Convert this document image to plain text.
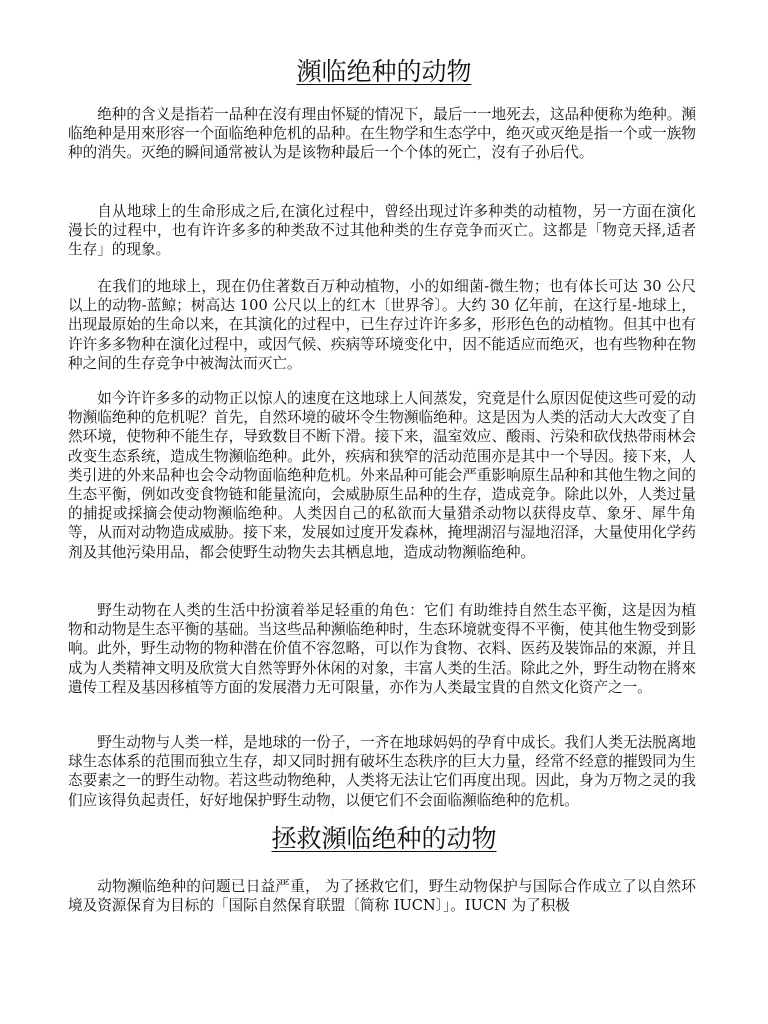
瀕临绝种的动物

绝种的含义是指若一品种在沒有理由怀疑的情况下，最后一一地死去，这品种便称为绝种。瀕临绝种是用來形容一个面临绝种危机的品种。在生物学和生态学中，绝灭或灭绝是指一个或一族物种的消失。灭绝的瞬间通常被认为是该物种最后一个个体的死亡，沒有子孙后代。

自从地球上的生命形成之后,在演化过程中，曾经出现过许多种类的动植物，另一方面在演化漫长的过程中，也有许许多多的种类敌不过其他种类的生存竞争而灭亡。这都是「物竞天择,适者生存」的现象。

在我们的地球上，现在仍住著数百万种动植物，小的如细菌-微生物；也有体长可达 30 公尺以上的动物-蓝鲸；树高达 100 公尺以上的红木〔世界爷〕。大约 30 亿年前，在这行星-地球上，出现最原始的生命以来，在其演化的过程中，已生存过许许多多，形形色色的动植物。但其中也有许许多多物种在演化过程中，或因气候、疾病等环境变化中，因不能适应而绝灭，也有些物种在物种之间的生存竞争中被淘汰而灭亡。

如今许许多多的动物正以惊人的速度在这地球上人间蒸发，究竟是什么原因促使这些可爱的动物瀕临绝种的危机呢？首先，自然环境的破坏令生物瀕临绝种。这是因为人类的活动大大改变了自然环境，使物种不能生存，导致数目不断下滑。接下来，温室效应、酸雨、污染和砍伐热带雨林会改变生态系统，造成生物瀕临绝种。此外，疾病和狭窄的活动范围亦是其中一个导因。接下来，人类引进的外来品种也会令动物面临绝种危机。外来品种可能会严重影响原生品种和其他生物之间的生态平衡，例如改变食物链和能量流向，会威胁原生品种的生存，造成竞争。除此以外，人类过量的捕捉或採摘会使动物瀕临绝种。人类因自己的私欲而大量猎杀动物以获得皮草、象牙、犀牛角等，从而对动物造成威胁。接下来，发展如过度开发森林，掩埋湖沼与湿地沼泽，大量使用化学药剂及其他污染用品，都会使野生动物失去其栖息地，造成动物瀕临绝种。

野生动物在人类的生活中扮演着举足轻重的角色：它们 有助维持自然生态平衡，这是因为植物和动物是生态平衡的基础。当这些品种瀕临绝种时，生态环境就变得不平衡，使其他生物受到影响。此外，野生动物的物种潜在价值不容忽略，可以作为食物、衣料、医药及裝饰品的來源，并且成为人类精神文明及欣赏大自然等野外休闲的对象，丰富人类的生活。除此之外，野生动物在將來遺传工程及基因移植等方面的发展潜力无可限量，亦作为人类最宝貴的自然文化资产之一。

野生动物与人类一样，是地球的一份子，一齐在地球妈妈的孕育中成长。我们人类无法脱离地球生态体系的范围而独立生存，却又同时拥有破坏生态秩序的巨大力量，经常不经意的摧毁同为生态要素之一的野生动物。若这些动物绝种，人类将无法让它们再度出现。因此，身为万物之灵的我们应该得负起责任，好好地保护野生动物，以便它们不会面临瀕临绝种的危机。

拯救瀕临绝种的动物

动物瀕临绝种的问题已日益严重， 为了拯救它们，野生动物保护与国际合作成立了以自然环境及资源保育为目标的「国际自然保育联盟〔简称 IUCN〕」。IUCN 为了积极
